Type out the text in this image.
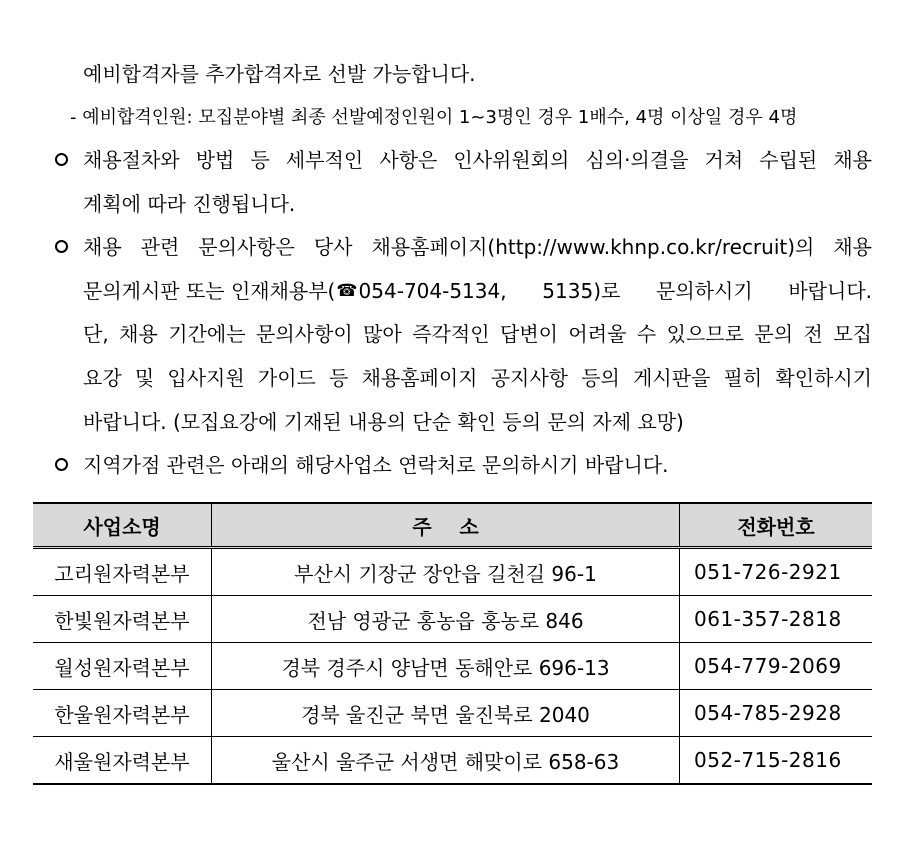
예비합격자를 추가합격자로 선발 가능합니다.
- 예비합격인원: 모집분야별 최종 선발예정인원이 1~3명인 경우 1배수, 4명 이상일 경우 4명
채용절차와 방법 등 세부적인 사항은 인사위원회의 심의·의결을 거쳐 수립된 채용
계획에 따라 진행됩니다.
채용 관련 문의사항은 당사 채용홈페이지(http://www.khnp.co.kr/recruit)의 채용
문의게시판 또는 인재채용부( ☎ 054-704-5134, 5135)로 문의하시기 바랍니다.
단, 채용 기간에는 문의사항이 많아 즉각적인 답변이 어려울 수 있으므로 문의 전 모집
요강 및 입사지원 가이드 등 채용홈페이지 공지사항 등의 게시판을 필히 확인하시기
바랍니다. (모집요강에 기재된 내용의 단순 확인 등의 문의 자제 요망)
지역가점 관련은 아래의 해당사업소 연락처로 문의하시기 바랍니다.
사업소명	주    소	전화번호
고리원자력본부	부산시 기장군 장안읍 길천길 96-1	051-726-2921
한빛원자력본부	전남 영광군 홍농읍 홍농로 846	061-357-2818
월성원자력본부	경북 경주시 양남면 동해안로 696-13	054-779-2069
한울원자력본부	경북 울진군 북면 울진북로 2040	054-785-2928
새울원자력본부	울산시 울주군 서생면 해맞이로 658-63	052-715-2816
